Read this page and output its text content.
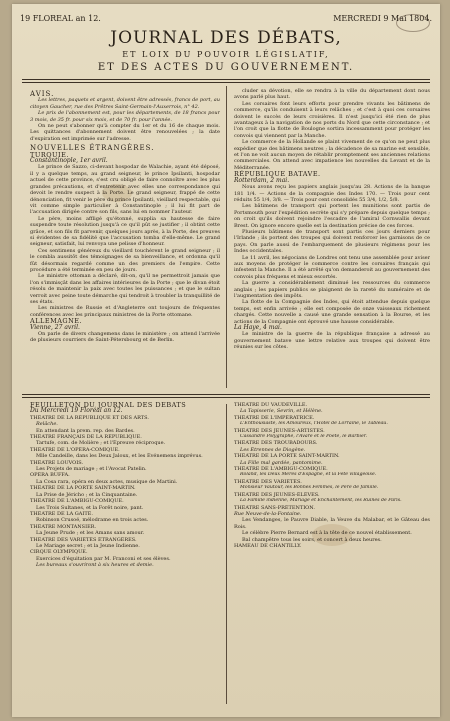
19 FLOREAL an 12.	MERCREDI 9 Mai 1804.
JOURNAL DES DÉBATS,
ET LOIX DU POUVOIR LÉGISLATIF,
ET DES ACTES DU GOUVERNEMENT.

AVIS.

Les lettres, paquets et argent, doivent être adressés, francs de port, au citoyen Gaucher, rue des Prêtres Saint-Germain-l'Auxerrois, n° 42.

Le prix de l'abonnement est, pour les départements, de 18 francs pour 3 mois, de 35 fr. pour six mois, et de 70 fr. pour l'année.

On ne peut s'abonner qu'à compter du 1er et du 16 de chaque mois. Les quittances d'abonnement doivent être renouvelées ; la date d'expiration est imprimée sur l'adresse.

NOUVELLES ÉTRANGÈRES.

TURQUIE.

Constantinople, 1er avril.

Le prince de Sazzo, ci-devant hospodar de Walachie, ayant été déposé, il y a quelque temps, au grand seigneur, le prince Ipsilanti, hospodar actuel de cette province, s'est cru obligé de faire connoître avec les plus grandes précautions, et d'entretenir avec elles une correspondance qui devoit le rendre suspect à la Porte. Le grand seigneur, frappé de cette dénonciation, fit venir le père du prince Ipsilanti, vieillard respectable, qui vit comme simple particulier à Constantinople ; il lui fit part de l'accusation dirigée contre son fils, sans lui en nommer l'auteur.

Le père, moins affligé qu'étonné, supplia sa hautesse de faire suspendre toute résolution jusqu'à ce qu'il pût se justifier ; il obtint cette grâce, et son fils fit parvenir, quelques jours après, à la Porte, des preuves si évidentes de sa fidélité que l'accusation tomba d'elle-même. Le grand seigneur, satisfait, lui renvoya une pelisse d'honneur.

Ces sentimens généreux du vieillard touchèrent le grand seigneur ; il le combla aussitôt des témoignages de sa bienveillance, et ordonna qu'il fût désormais regardé comme un des premiers de l'empire. Cette procédure a été terminée en peu de jours.

Le ministre ottoman a déclaré, dit-on, qu'il ne permettroit jamais que l'on s'immisçât dans les affaires intérieures de la Porte ; que le divan étoit résolu de maintenir la paix avec toutes les puissances ; et que le sultan verroit avec peine toute démarche qui tendroit à troubler la tranquillité de ses états.

Les ministres de Russie et d'Angleterre ont toujours de fréquentes conférences avec les principaux ministres de la Porte ottomane.

ALLEMAGNE.

Vienne, 27 avril.

On parle de divers changemens dans le ministère ; on attend l'arrivée de plusieurs courriers de Saint-Pétersbourg et de Berlin.

cluder sa dévotion, elle se rendra à la ville du département dont nous avons parlé plus haut.

Les corsaires font leurs efforts pour prendre vivants les bâtimens de commerce, qu'ils conduisent à leurs relâches ; et c'est à quoi ces corsaires doivent le succès de leurs croisières. Il n'est jusqu'ici été rien de plus avantageux à la navigation de nos ports du Nord que cette circonstance ; et l'on croit que la flotte de Boulogne sortira incessamment pour protéger les convois qui viennent par la Manche.

Le commerce de la Hollande se plaint vivement de ce qu'on ne peut plus expédier que des bâtimens neutres ; la décadence de sa marine est sensible, et l'on ne voit aucun moyen de rétablir promptement ses anciennes relations commerciales. On attend avec impatience les nouvelles du Levant et de la Méditerranée.

RÉPUBLIQUE BATAVE.

Rotterdam, 2 mai.

Nous avons reçu les papiers anglais jusqu'au 28. Actions de la banque 181 1/4. — Actions de la compagnie des Indes 170. — Trois pour cent réduits 55 1/4, 3/8. — Trois pour cent consolidés 55 3/4, 1/2, 5/8.

Les bâtimens de transport qui portent les munitions sont partis de Portsmouth pour l'expédition secrète qui s'y prépare depuis quelque temps ; on croit qu'ils doivent rejoindre l'escadre de l'amiral Cornwallis devant Brest. On ignore encore quelle est la destination précise de ces forces.

Plusieurs bâtimens de transport sont partis ces jours derniers pour l'Irlande ; ils portent des troupes qui doivent renforcer les garnisons de ce pays. On parle aussi de l'embarquement de plusieurs régimens pour les Indes occidentales.

Le 11 avril, les négocians de Londres ont tenu une assemblée pour aviser aux moyens de protéger le commerce contre les corsaires français qui infestent la Manche. Il a été arrêté qu'on demanderoit au gouvernement des convois plus fréquens et mieux escortés.

La guerre a considérablement diminué les ressources du commerce anglais ; les papiers publics se plaignent de la rareté du numéraire et de l'augmentation des impôts.

La flotte de la Compagnie des Indes, qui étoit attendue depuis quelque temps, est enfin arrivée ; elle est composée de onze vaisseaux richement chargés. Cette nouvelle a causé une grande sensation à la Bourse, et les actions de la Compagnie ont éprouvé une hausse considérable.

La Haye, 4 mai.

Le ministre de la guerre de la république française a adressé au gouvernement batave une lettre relative aux troupes qui doivent être réunies sur les côtes.

FEUILLETON DU JOURNAL DES DÉBATS

Du Mercredi 19 Floréal an 12.

THÉATRE DE LA RÉPUBLIQUE ET DES ARTS.

Relâche.

En attendant la prem. rep. des Bardes.

THÉATRE FRANÇAIS DE LA RÉPUBLIQUE.

Tartufe, com. de Molière ; et l'Épreuve réciproque.

THÉATRE DE L'OPÉRA-COMIQUE.

Mlle Candeille, dans les Deux Jaloux, et les Événemens imprévus.

THÉATRE LOUVOIS.

Les Projets de mariage ; et l'Avocat Patelin.

OPÉRA BUFFA.

La Cosa rara, opéra en deux actes, musique de Martini.

THÉATRE DE LA PORTE SAINT-MARTIN.

La Prise de Jéricho ; et la Cinquantaine.

THÉATRE DE L'AMBIGU-COMIQUE.

Les Trois Sultanes, et la Forêt noire, pant.

THÉATRE DE LA GAITÉ.

Robinson Crusoé, mélodrame en trois actes.

THÉATRE MONTANSIER.

La Jeune Prude ; et les Amans sans amour.

THÉATRE DES VARIÉTÉS ÉTRANGÈRES.

Le Mariage secret ; et la Jeune Indienne.

CIRQUE OLYMPIQUE.

Exercices d'équitation par M. Franconi et ses élèves.

Les bureaux s'ouvriront à six heures et demie.

THÉATRE DU VAUDEVILLE.

La Tapisserie, Sevrin, et Hélène.

THÉATRE DE L'IMPÉRATRICE.

L'Enthousiaste, les Amoureux, l'Hôtel de Lorraine, le Tableau.

THÉATRE DES JEUNES-ARTISTES.

Cassandre Polygraphe, l'Avare et le Poète, le Barbier.

THÉATRE DES TROUBADOURS.

Les Étrennes de Diogène.

THÉATRE DE LA PORTE SAINT-MARTIN.

La Fille mal gardée, pantomime.

THÉATRE DE L'AMBIGU-COMIQUE.

Roland, les Deux Mères d'Espagne, et la Fête villageoise.

THÉATRE DES VARIÉTÉS.

Monsieur Vautour, les Bonnes Femmes, le Père de famille.

THÉATRE DES JEUNES-ÉLÈVES.

La Famille indienne, Mariage et Enchantement, les Ruines de Paris.

THÉATRE SANS-PRÉTENTION.

Rue Neuve-de-la-Fontaine.

Les Vendanges, le Pauvre Diable, la Veuve du Malabar, et le Gâteau des Rois.

Le célèbre Pierre Bernard est à la tête de ce nouvel établissement.

Bal champêtre tous les soirs, et concert à deux heures.

HAMEAU DE CHANTILLY.
